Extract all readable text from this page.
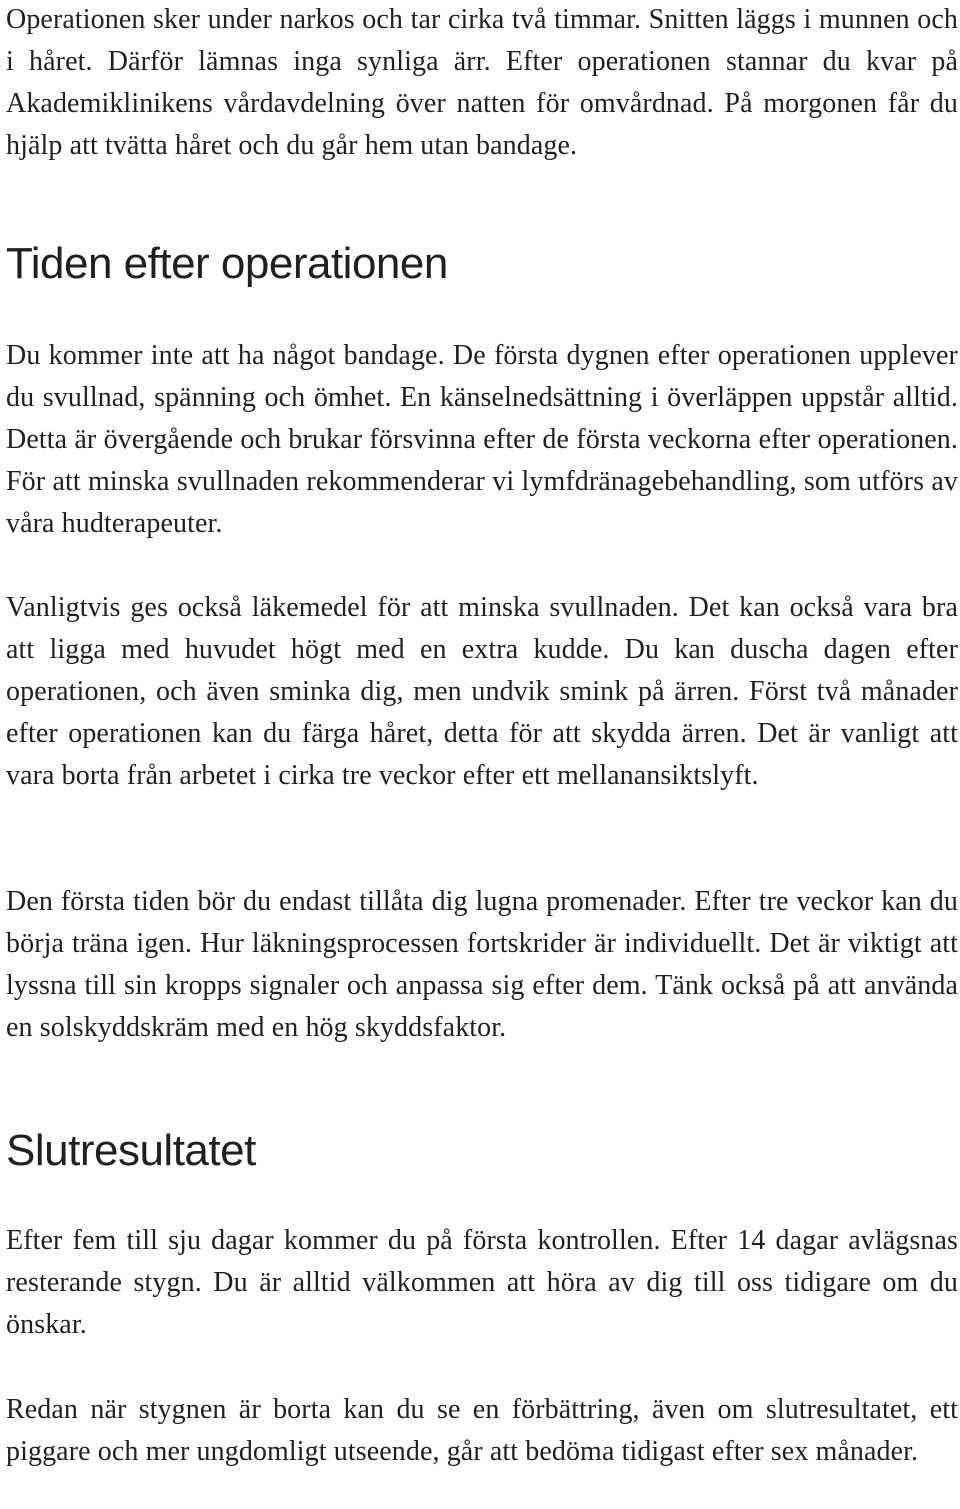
Operationen sker under narkos och tar cirka två timmar. Snitten läggs i munnen och i håret. Därför lämnas inga synliga ärr. Efter operationen stannar du kvar på Akademiklinikens vårdavdelning över natten för omvårdnad. På morgonen får du hjälp att tvätta håret och du går hem utan bandage.

Tiden efter operationen

Du kommer inte att ha något bandage. De första dygnen efter operationen upplever du svullnad, spänning och ömhet. En känselnedsättning i överläppen uppstår alltid. Detta är övergående och brukar försvinna efter de första veckorna efter operationen. För att minska svullnaden rekommenderar vi lymfdränagebehandling, som utförs av våra hudterapeuter.

Vanligtvis ges också läkemedel för att minska svullnaden. Det kan också vara bra att ligga med huvudet högt med en extra kudde. Du kan duscha dagen efter operationen, och även sminka dig, men undvik smink på ärren. Först två månader efter operationen kan du färga håret, detta för att skydda ärren. Det är vanligt att vara borta från arbetet i cirka tre veckor efter ett mellanansiktslyft.

Den första tiden bör du endast tillåta dig lugna promenader. Efter tre veckor kan du börja träna igen. Hur läkningsprocessen fortskrider är individuellt. Det är viktigt att lyssna till sin kropps signaler och anpassa sig efter dem. Tänk också på att använda en solskyddskräm med en hög skyddsfaktor.

Slutresultatet

Efter fem till sju dagar kommer du på första kontrollen. Efter 14 dagar avlägsnas resterande stygn. Du är alltid välkommen att höra av dig till oss tidigare om du önskar.

Redan när stygnen är borta kan du se en förbättring, även om slutresultatet, ett piggare och mer ungdomligt utseende, går att bedöma tidigast efter sex månader.
